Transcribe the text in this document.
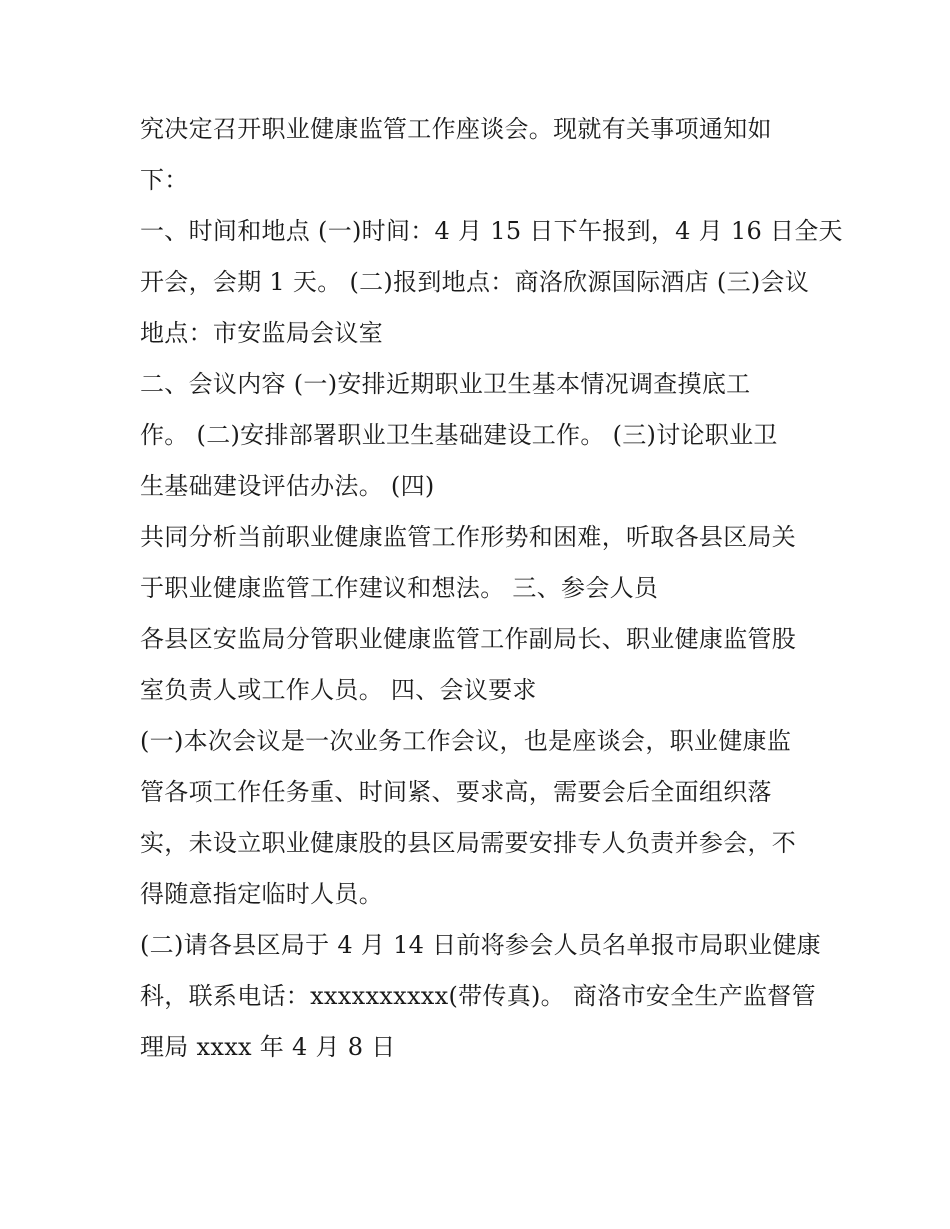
究决定召开职业健康监管工作座谈会。现就有关事项通知如
下：
一、时间和地点 (一)时间：4 月 15 日下午报到，4 月 16 日全天
开会，会期 1 天。 (二)报到地点：商洛欣源国际酒店 (三)会议
地点：市安监局会议室
二、会议内容 (一)安排近期职业卫生基本情况调查摸底工
作。 (二)安排部署职业卫生基础建设工作。 (三)讨论职业卫
生基础建设评估办法。 (四)
共同分析当前职业健康监管工作形势和困难，听取各县区局关
于职业健康监管工作建议和想法。 三、参会人员
各县区安监局分管职业健康监管工作副局长、职业健康监管股
室负责人或工作人员。 四、会议要求
(一)本次会议是一次业务工作会议，也是座谈会，职业健康监
管各项工作任务重、时间紧、要求高，需要会后全面组织落
实，未设立职业健康股的县区局需要安排专人负责并参会，不
得随意指定临时人员。
(二)请各县区局于 4 月 14 日前将参会人员名单报市局职业健康
科，联系电话：xxxxxxxxxx(带传真)。 商洛市安全生产监督管
理局 xxxx 年 4 月 8 日
